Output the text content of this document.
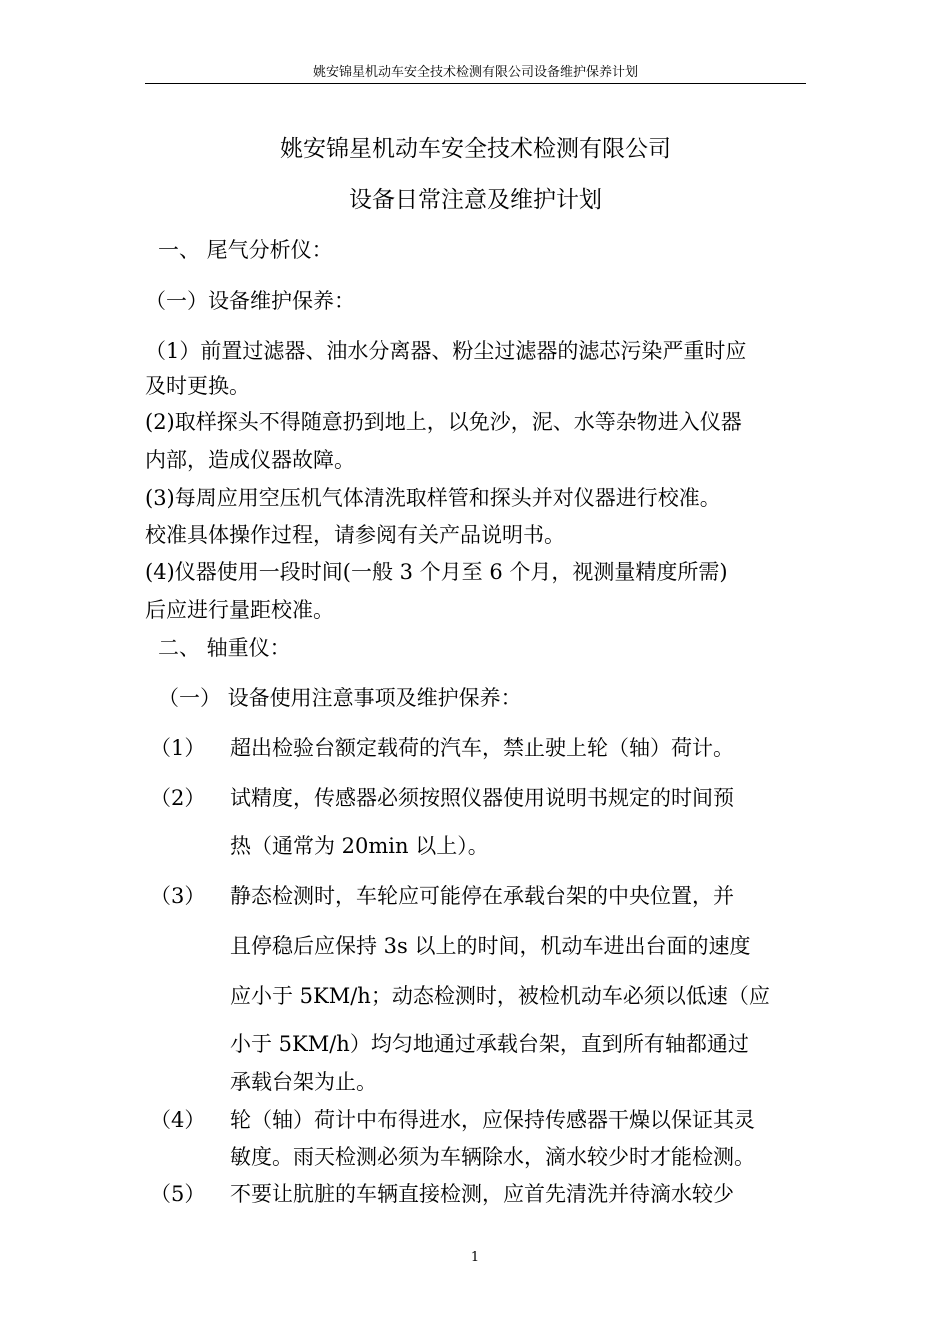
姚安锦星机动车安全技术检测有限公司设备维护保养计划
姚安锦星机动车安全技术检测有限公司
设备日常注意及维护计划
一、 尾气分析仪：
（一）设备维护保养：
（1）前置过滤器、油水分离器、粉尘过滤器的滤芯污染严重时应
及时更换。
(2)取样探头不得随意扔到地上，以免沙，泥、水等杂物进入仪器
内部，造成仪器故障。
(3)每周应用空压机气体清洗取样管和探头并对仪器进行校准。
校准具体操作过程，请参阅有关产品说明书。
(4)仪器使用一段时间(一般 3 个月至 6 个月，视测量精度所需)
后应进行量距校准。
二、 轴重仪：
（一） 设备使用注意事项及维护保养：
（1） 超出检验台额定载荷的汽车，禁止驶上轮（轴）荷计。
（2） 试精度，传感器必须按照仪器使用说明书规定的时间预
热（通常为 20min 以上）。
（3） 静态检测时，车轮应可能停在承载台架的中央位置，并
且停稳后应保持 3s 以上的时间，机动车进出台面的速度
应小于 5KM/h；动态检测时，被检机动车必须以低速（应
小于 5KM/h）均匀地通过承载台架，直到所有轴都通过
承载台架为止。
（4） 轮（轴）荷计中布得进水，应保持传感器干燥以保证其灵
敏度。雨天检测必须为车辆除水，滴水较少时才能检测。
（5） 不要让肮脏的车辆直接检测，应首先清洗并待滴水较少
1
